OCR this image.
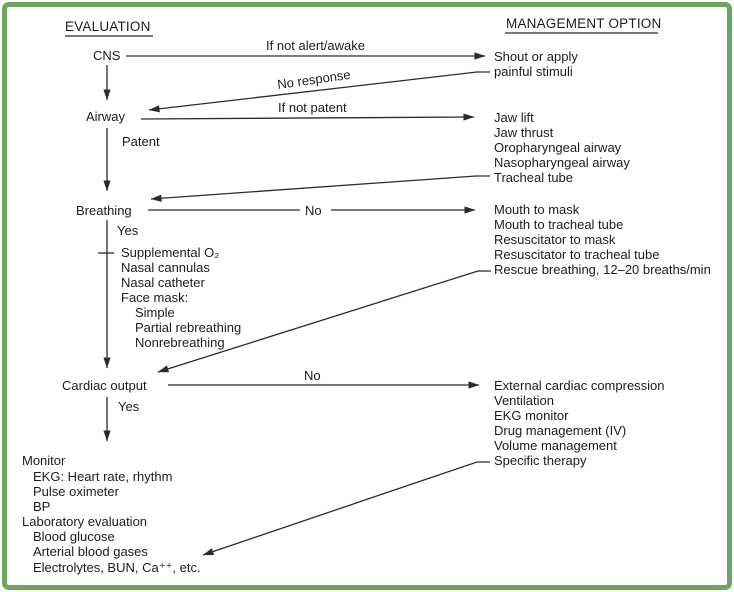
EVALUATION	MANAGEMENT OPTION
CNS
Airway
Patent
Breathing
Yes
Supplemental O₂
Nasal cannulas
Nasal catheter
Face mask:
Simple
Partial rebreathing
Nonrebreathing
Cardiac output
Yes
Monitor
EKG: Heart rate, rhythm
Pulse oximeter
BP
Laboratory evaluation
Blood glucose
Arterial blood gases
Electrolytes, BUN, Ca⁺⁺, etc.
If not alert/awake
No response
If not patent
No
No
Shout or apply
painful stimuli
Jaw lift
Jaw thrust
Oropharyngeal airway
Nasopharyngeal airway
Tracheal tube
Mouth to mask
Mouth to tracheal tube
Resuscitator to mask
Resuscitator to tracheal tube
Rescue breathing, 12–20 breaths/min
External cardiac compression
Ventilation
EKG monitor
Drug management (IV)
Volume management
Specific therapy
